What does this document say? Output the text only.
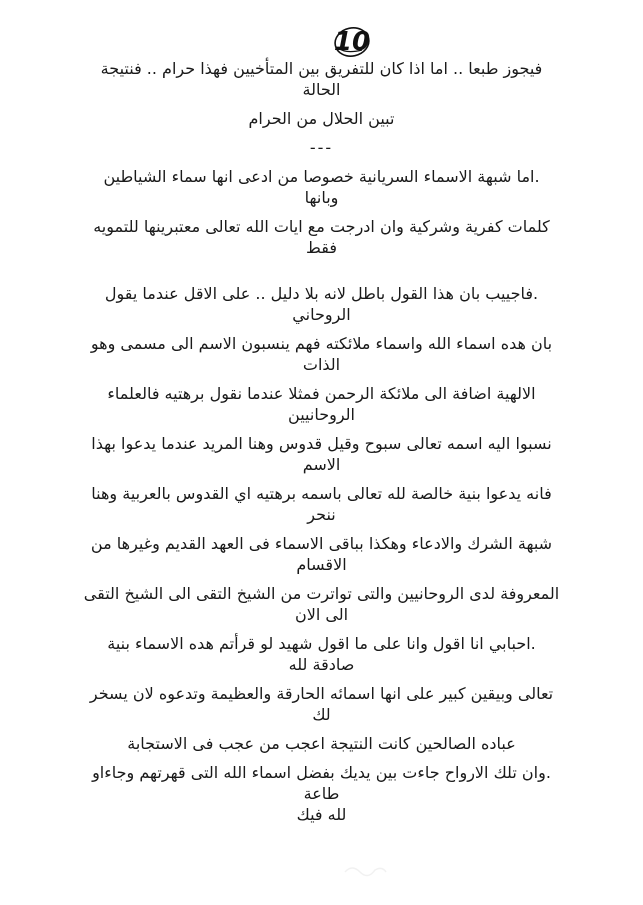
10
فيجوز طبعا .. اما اذا كان للتفريق بين المتأخيين فهذا حرام .. فنتيجة
الحالة
تبين الحلال من الحرام
---
.اما شبهة الاسماء السريانية خصوصا من ادعى انها سماء الشياطين
وبانها
كلمات كفرية وشركية وان ادرجت مع ايات الله تعالى معتبرينها للتمويه
فقط
.فاجييب بان هذا القول باطل لانه بلا دليل .. على الاقل عندما يقول
الروحاني
بان هده اسماء الله واسماء ملائكته فهم ينسبون الاسم الى مسمى وهو
الذات
الالهية اضافة الى ملائكة الرحمن فمثلا عندما نقول برهتيه فالعلماء
الروحانيين
نسبوا اليه اسمه تعالى سبوح وقيل قدوس وهنا المريد عندما يدعوا بهذا
الاسم
فانه يدعوا بنية خالصة لله تعالى باسمه برهتيه اي القدوس بالعربية وهنا
ننحر
شبهة الشرك والادعاء وهكذا بباقى الاسماء فى العهد القديم وغيرها من
الاقسام
المعروفة لدى الروحانيين والتى تواترت من الشيخ التقى الى الشيخ التقى
الى الان
.احبابي انا اقول وانا على ما اقول شهيد لو قرأتم هده الاسماء بنية
صادقة لله
تعالى وبيقين كبير على انها اسمائه الحارقة والعظيمة وتدعوه لان يسخر
لك
عباده الصالحين كانت النتيجة اعجب من عجب فى الاستجابة
.وان تلك الارواح جاءت بين يديك بفضل اسماء الله التى قهرتهم وجاءاو
طاعة
لله فيك
